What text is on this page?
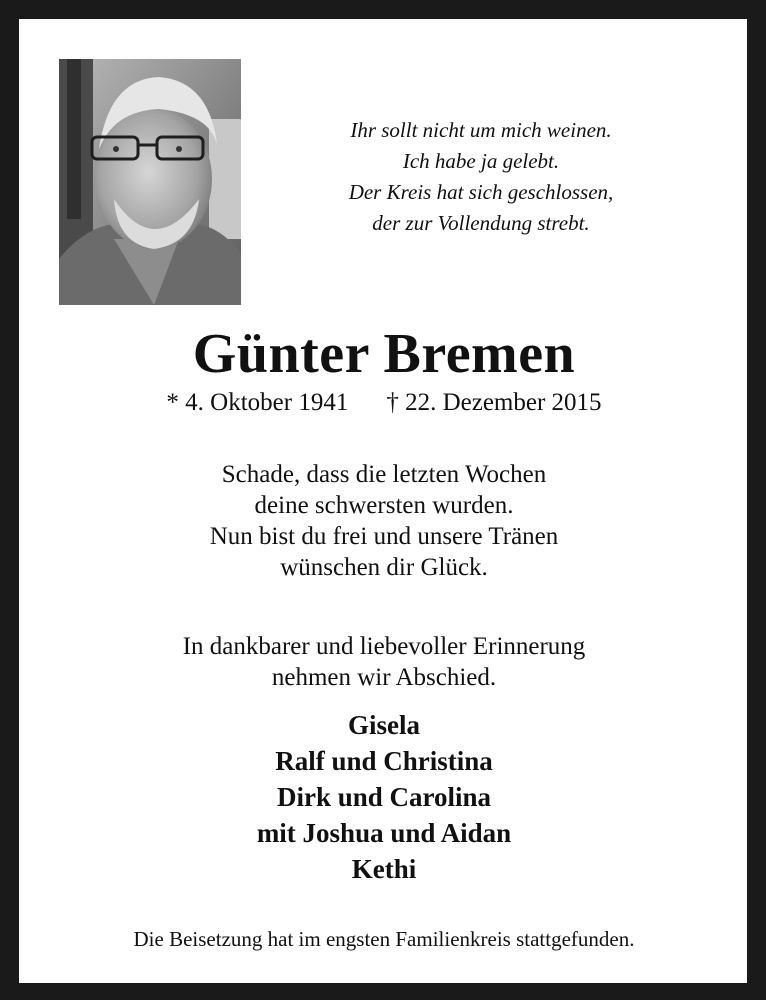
Ihr sollt nicht um mich weinen.
Ich habe ja gelebt.
Der Kreis hat sich geschlossen,
der zur Vollendung strebt.
Günter Bremen
* 4. Oktober 1941 † 22. Dezember 2015
Schade, dass die letzten Wochen
deine schwersten wurden.
Nun bist du frei und unsere Tränen
wünschen dir Glück.
In dankbarer und liebevoller Erinnerung
nehmen wir Abschied.
Gisela
Ralf und Christina
Dirk und Carolina
mit Joshua und Aidan
Kethi
Die Beisetzung hat im engsten Familienkreis stattgefunden.
